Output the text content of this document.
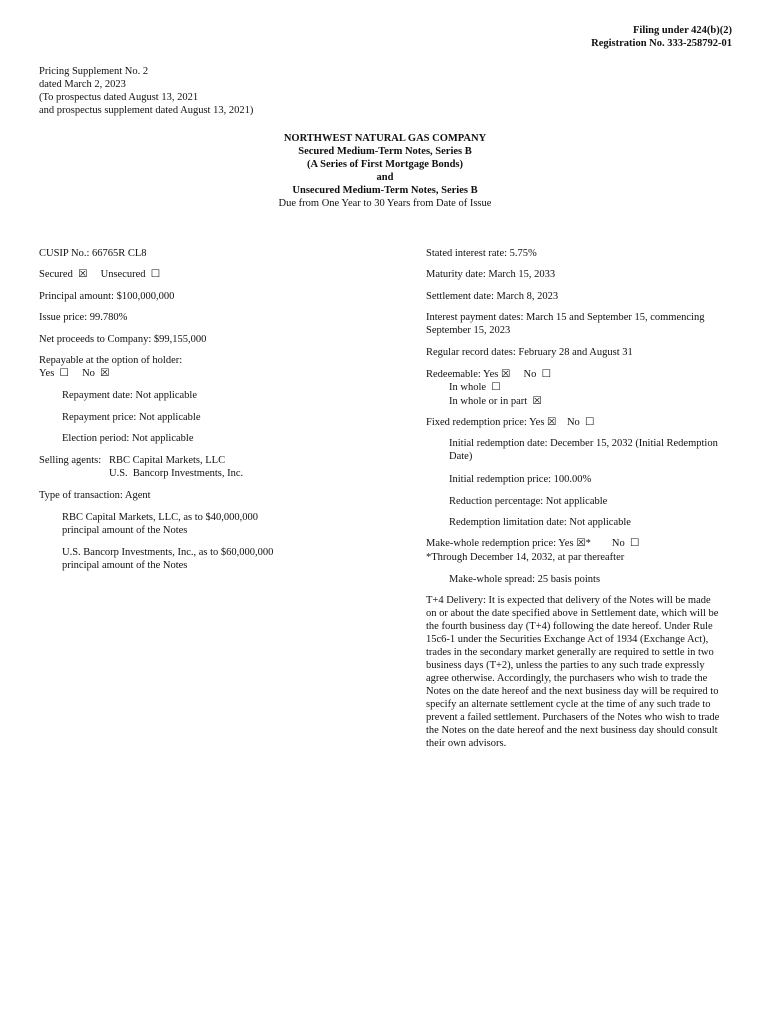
Filing under 424(b)(2)
Registration No. 333-258792-01
Pricing Supplement No. 2
dated March 2, 2023
(To prospectus dated August 13, 2021
and prospectus supplement dated August 13, 2021)
NORTHWEST NATURAL GAS COMPANY
Secured Medium-Term Notes, Series B
(A Series of First Mortgage Bonds)
and
Unsecured Medium-Term Notes, Series B
Due from One Year to 30 Years from Date of Issue
CUSIP No.: 66765R CL8
Secured ☒ Unsecured ☐
Principal amount: $100,000,000
Issue price: 99.780%
Net proceeds to Company: $99,155,000
Repayable at the option of holder:
Yes ☐ No ☒
Repayment date: Not applicable
Repayment price: Not applicable
Election period: Not applicable
Selling agents: RBC Capital Markets, LLC
U.S.  Bancorp Investments, Inc.
Type of transaction: Agent
RBC Capital Markets, LLC, as to $40,000,000
principal amount of the Notes
U.S. Bancorp Investments, Inc., as to $60,000,000
principal amount of the Notes
Stated interest rate: 5.75%
Maturity date: March 15, 2033
Settlement date: March 8, 2023
Interest payment dates: March 15 and September 15, commencing
September 15, 2023
Regular record dates: February 28 and August 31
Redeemable: Yes ☒ No ☐
In whole ☐
In whole or in part ☒
Fixed redemption price: Yes ☒ No ☐
Initial redemption date: December 15, 2032 (Initial Redemption
Date)
Initial redemption price: 100.00%
Reduction percentage: Not applicable
Redemption limitation date: Not applicable
Make-whole redemption price: Yes ☒* No ☐
*Through December 14, 2032, at par thereafter
Make-whole spread: 25 basis points
T+4 Delivery: It is expected that delivery of the Notes will be made
on or about the date specified above in Settlement date, which will be
the fourth business day (T+4) following the date hereof. Under Rule
15c6-1 under the Securities Exchange Act of 1934 (Exchange Act),
trades in the secondary market generally are required to settle in two
business days (T+2), unless the parties to any such trade expressly
agree otherwise. Accordingly, the purchasers who wish to trade the
Notes on the date hereof and the next business day will be required to
specify an alternate settlement cycle at the time of any such trade to
prevent a failed settlement. Purchasers of the Notes who wish to trade
the Notes on the date hereof and the next business day should consult
their own advisors.
